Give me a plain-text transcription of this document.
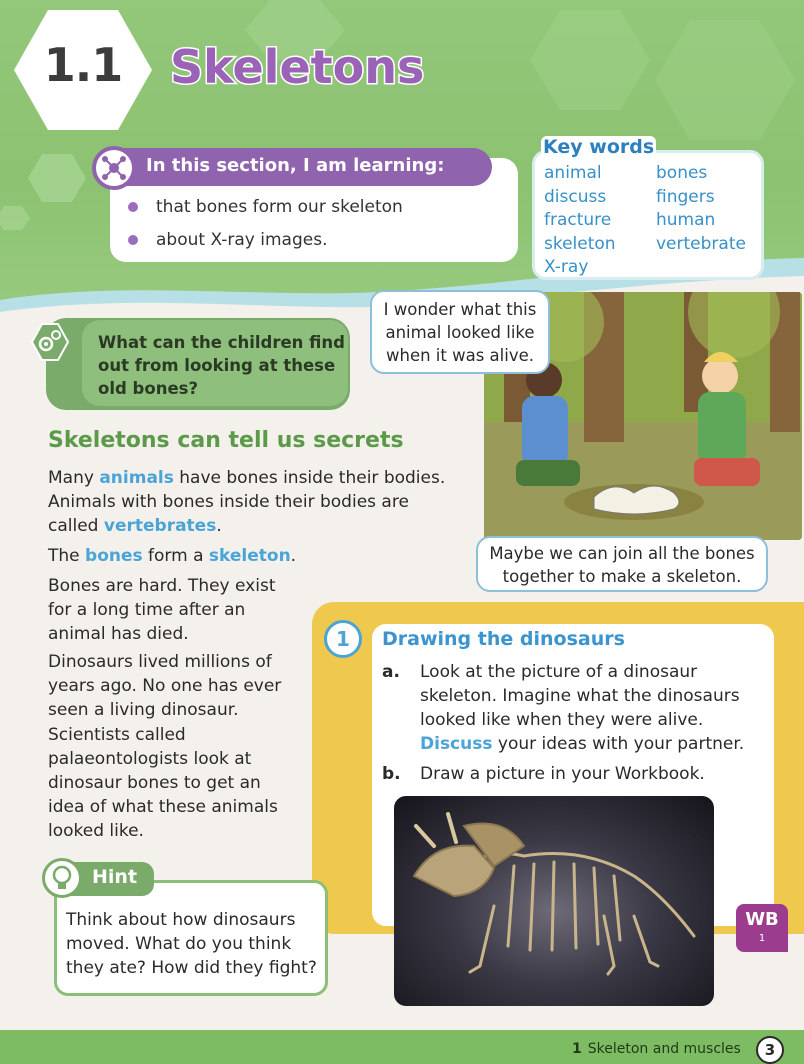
1.1	Skeletons
In this section, I am learning:
that bones form our skeleton
about X-ray images.
Key words
animal
discuss
fracture
skeleton
X-ray
bones
fingers
human
vertebrate
What can the children find out from looking at these old bones?
I wonder what this animal looked like when it was alive.
Maybe we can join all the bones together to make a skeleton.
Skeletons can tell us secrets
Many animals have bones inside their bodies. Animals with bones inside their bodies are called vertebrates.
The bones form a skeleton.
Bones are hard. They exist for a long time after an animal has died.
Dinosaurs lived millions of years ago. No one has ever seen a living dinosaur. Scientists called palaeontologists look at dinosaur bones to get an idea of what these animals looked like.
1	Drawing the dinosaurs
a. Look at the picture of a dinosaur skeleton. Imagine what the dinosaurs looked like when they were alive. Discuss your ideas with your partner.
b. Draw a picture in your Workbook.
WB
1
Hint
Think about how dinosaurs moved. What do you think they ate? How did they fight?
1 Skeleton and muscles	3
